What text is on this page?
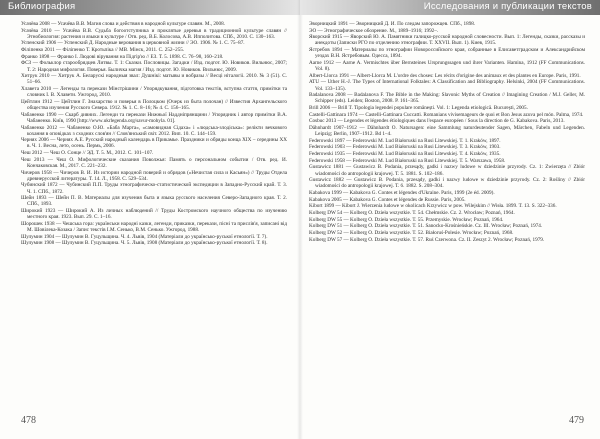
Библиография
Усачёва 2008 — Усачёва В.В. Магия слова и действия в народной культуре славян. М., 2008.
Усачёва 2010 — Усачёва В.В. Судьба богоотступника и проклятые деревья в традиционной культуре славян // Этнобиология: растения и языки в культуре / Отв. ред. В.Б. Колосова, А.В. Ипполитова. СПб., 2010. С. 130–163.
Успенский 1906 — Успенский Д. Народные верования в церковной жизни // ЭО. 1906. № 1. С. 75–87.
Філіпенко 2011 — Філіпенко Т. Кротьпіка // МВ. Мінск, 2011. С. 252–255.
Франко 1898 — Франко І. Людові вірування на Підгір'ю // ЕЗ. Т. 5. 1898. С. 76–98, 160–218.
ФСЗ — Фольклор старообрядцев Литвы. Т. 1: Сказки. Пословицы. Загадки / Изд. подгот. Ю. Новиков. Вильнюс, 2007; Т. 2: Народная мифология. Поверья. Быличка магия / Изд. подгот. Ю. Новиков. Вильнюс, 2009.
Хитрук 2010 — Хитрук А. Беларускі народныя звал: Душнікі: матывы и вобразы // Весці ніталогіі. 2010. № 3 (51). С. 51–66.
Хлавета 2010 — Легенды та перекази Мінстрішини / Упорядкування, підготовка текстів, вступна стаття, примітки та словник І. В. Хлавети. Ужгород, 2010.
Цейтлин 1912 — Цейтлин Г. Знахарство и поверья в Полоцком (Очерк из быта полочан) // Известия Архангельского общества изучения Русского Севера. 1912. № 1. С. 8–16; № 4. С. 156–165.
Чабаненко 1990 — Скарб дивних. Легенди та перекази Нижньої Наддніпрянщини / Упорядник і автор примітки В.А. Чабаненко. Київ, 1990 [http://www.ukrlegenda.org/savur-mohyla. 01].
Чабаненко 2012 — Чабаненко О.Ю. «Баба Марта», «самовидная Сідаха» і «людська-злодіська»: релікти вечкового кохання в оповідках з сходних слов'ян // Слов'янський світ. 2012. Вип. 10. С. 144–159.
Чернях 2006 — Чернях А.Е. Русский народный календарь в Прикамье. Праздники и обряды конца XIX – середины XX в. Ч. 1. Весна, лето, осень. Пермь, 2006.
Чеш 2012 — Чеш О. Сонце // ЭД. Т. 5. М., 2012. С. 101–107.
Чеш 2013 — Чеш О. Мифологические сказания Поволжья: Память о персональном событии / Отв. ред. И. Кончаковская. М., 2017. С. 221–232.
Чичеров 1958 — Чичеров В. И. Из истории народной поверий и обрядов («Нечистая сила и Касьян») // Труды Отдела древнерусской литературы. Т. 14. Л., 1958. С. 529–534.
Чубинский 1872 — Чубинский П.П. Труды этнографическо-статистической экспедиции в Западно-Русский край. Т. 3. Ч. 1. СПб., 1872.
Шейн 1893 — Шейн П. В. Материалы для изучения быта и языка русского населения Северо-Западного края. Т. 2. СПб., 1893.
Широкий 1923 — Широкий А. Из личных наблюдений // Труды Костромского научного общества по изучению местного края. 1923. Вып. 29. С. 1–16.
Шорошек 1938 — Чешська гора: українськи народні казки, легенди, приказки, перекази, пісні та прислів'я, записані від М. Шовілека-Козака / Запис текстів І.М. Сенько, В.М. Сенько. Ужгород, 1988.
Шулумин 1904 — Шулумин В. Гуцульщина. Ч. 4. Львів, 1904 (Матеріали до українсько-руської етнології. Т. 7).
Шулумин 1908 — Шулумин В. Гуцульщина. Ч. 5. Львів, 1908 (Матеріали до українсько-руської етнології. Т. 8).
478
Исследования и публикации текстов
Эворницкий 1891 — Эворницкий Д. И. По следам запорожцев. СПб., 1898.
ЭО — Этнографическое обозрение. М., 1889–1916; 1992–.
Яворский 1915 — Яворский Ю. А. Памятники галицко-русской народной словесности. Вып. 1: Легенды, сказки, рассказы и анекдоты (Записки РГО по отделению этнографии. Т. XXVII. Вып. 1). Киев, 1915.
Ястребов 1894 — Материалы по этнографии Новороссийского края, собранные в Елисаветградском и Александрийском уездах В.Н. Ястребовым. Одесса, 1894.
Aarne 1912 — Aarne A. Vermischtes über Bernsteines Ursprungssagen und ihrer Varianten. Hamina, 1912 (FF Communications. Vol. 8).
Albert-Llorca 1991 — Albert-Llorca M. L'ordre des choses: Les récits d'origine des animaux et des plantes en Europe. Paris, 1991.
ATU — Uther H.-J. The Types of International Folktales: A Classification and Bibliography. Helsinki, 2004 (FF Communications. Vol. 133–135).
Badalanova 2008 — Badalanova F. The Bible in the Making: Slavonic Myths of Creation // Imagining Creation / M.J. Geller, M. Schipper (eds). Leiden; Boston, 2008. P. 161–365.
Brill 2006 — Brill T. Tipologia legendei populare românești. Vol. 1: Legenda etiologică. București, 2005.
Castelli-Gattinara 1974 — Castelli-Gattinara Cuccatti. Romanians vivisemageurs de quoi et Bon Jesus azuva pel món. Palma, 1974.
Cosbuc 2013 — Legendes et légendes étiologiques dans l'espace européen / Sous la direction de G. Kabakova. Paris, 2013.
Dähnhardt 1907–1912 — Dähnhardt O. Natursagen: eine Sammlung naturdeutender Sagen, Märchen, Fabeln und Legenden. Leipzig; Berlin, 1907–1912. Bd 1–4.
Federowski 1897 — Federowski M. Lud Białoruski na Rusi Litewskiej. T. 1. Kraków, 1897.
Federowski 1903 — Federowski M. Lud Białoruski na Rusi Litewskiej. T. 3. Kraków, 1903.
Federowski 1935 — Federowski M. Lud Białoruski na Rusi Litewskiej. T. 4. Kraków, 1935.
Federowski 1958 — Federowski M. Lud Białoruski na Rusi Litewskiej. T. 5. Warszawa, 1958.
Gustawicz 1881 — Gustawicz B. Podania, przesądy, gadki i nazwy ludowe w dziedzinie przyrody. Cz. 1: Zwierzęta // Zbiór wiadomości do antropologii krajowej. T. 5. 1881. S. 102–186.
Gustawicz 1882 — Gustawicz B. Podania, przesądy, gadki i nazwy ludowe w dziedzinie przyrody. Cz. 2: Rośliny // Zbiór wiadomości do antropologii krajowej. T. 6. 1882. S. 208–304.
Kabakova 1999 — Kabakova G. Contes et légendes d'Ukraine. Paris, 1999 (2e éd. 2009).
Kabakova 2005 — Kabakova G. Contes et légendes de Russie. Paris, 2005.
Kibort 1899 — Kibort J. Wierzenia ludowe w okolicach Krzywicz w pow. Wilejskim // Wisła. 1899. T. 13. S. 322–336.
Kolberg DW 54 — Kolberg O. Dzieła wszystkie. T. 54. Chełmskie. Cz. 2. Wrocław; Poznań, 1964.
Kolberg DW 55 — Kolberg O. Dzieła wszystkie. T. 55. Przemyskie. Wrocław; Poznań, 1964.
Kolberg DW 51 — Kolberg O. Dzieła wszystkie. T. 51. Sanocko-Krośnieńskie. Cz. III. Wrocław; Poznań, 1974.
Kolberg DW 52 — Kolberg O. Dzieła wszystkie. T. 52. Białoruś-Polesie. Wrocław; Poznań, 1968.
Kolberg DW 57 — Kolberg O. Dzieła wszystkie. T. 57. Ruś Czerwona. Cz. II. Zeszyt 2. Wrocław; Poznań, 1979.
479
